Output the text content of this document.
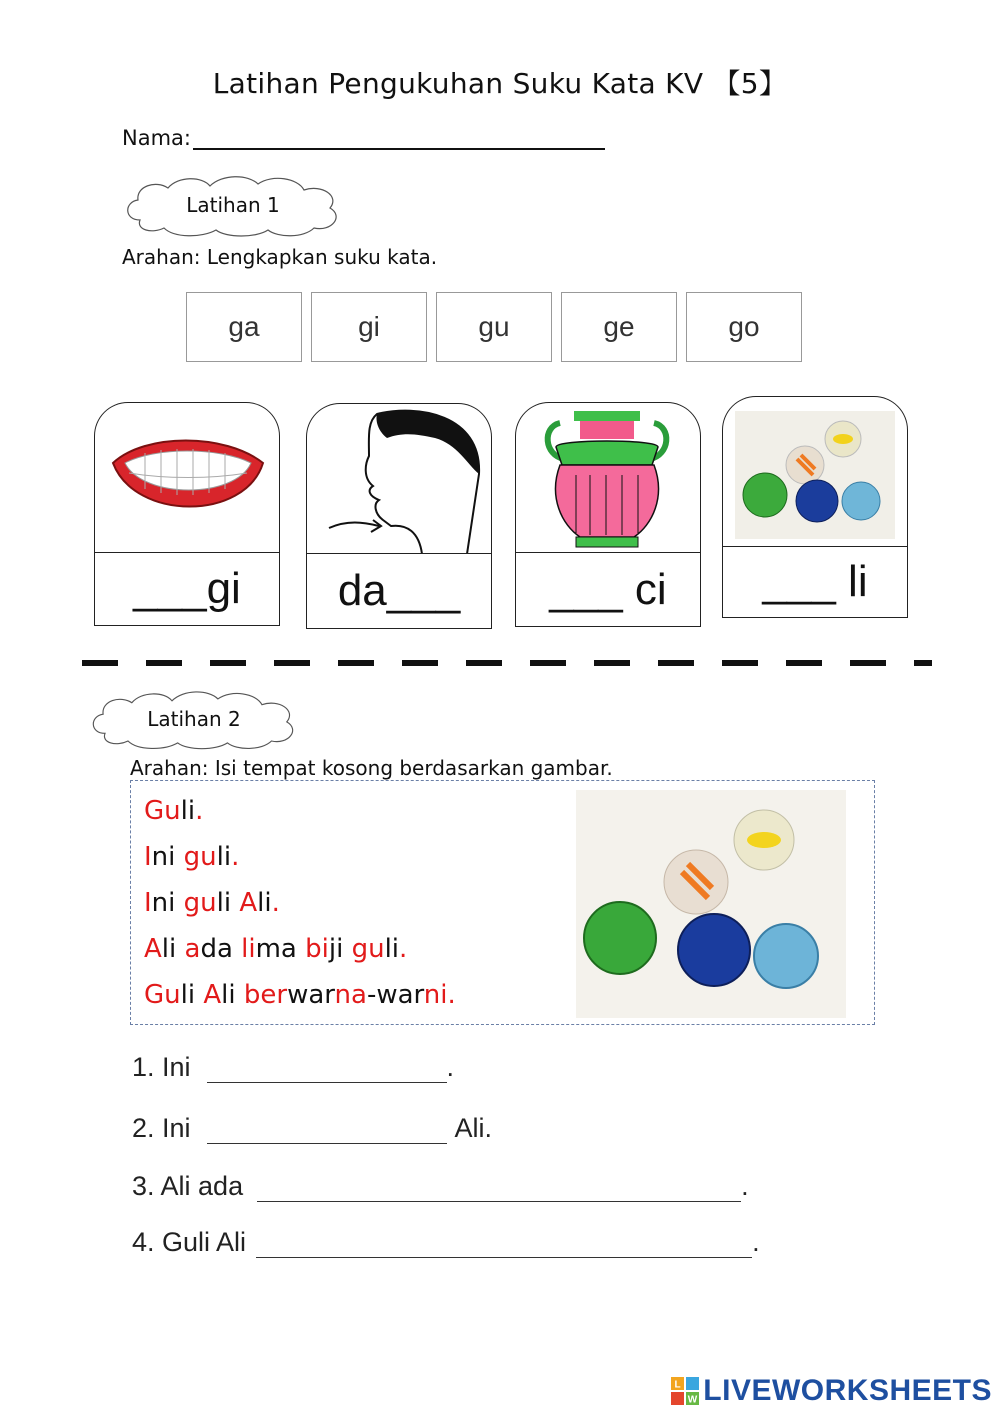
Latihan Pengukuhan Suku Kata KV 【5】
Nama:
Latihan 1
Arahan: Lengkapkan suku kata.
ga	gi	gu	ge	go
___gi	da___	___ ci	___ li
Latihan 2
Arahan: Isi tempat kosong berdasarkan gambar.
Guli.
Ini guli.
Ini guli Ali.
Ali ada lima biji guli.
Guli Ali berwarna-warni.
1. Ini	.
2. Ini	Ali.
3. Ali ada	.
4. Guli Ali	.
L
W LIVEWORKSHEETS
